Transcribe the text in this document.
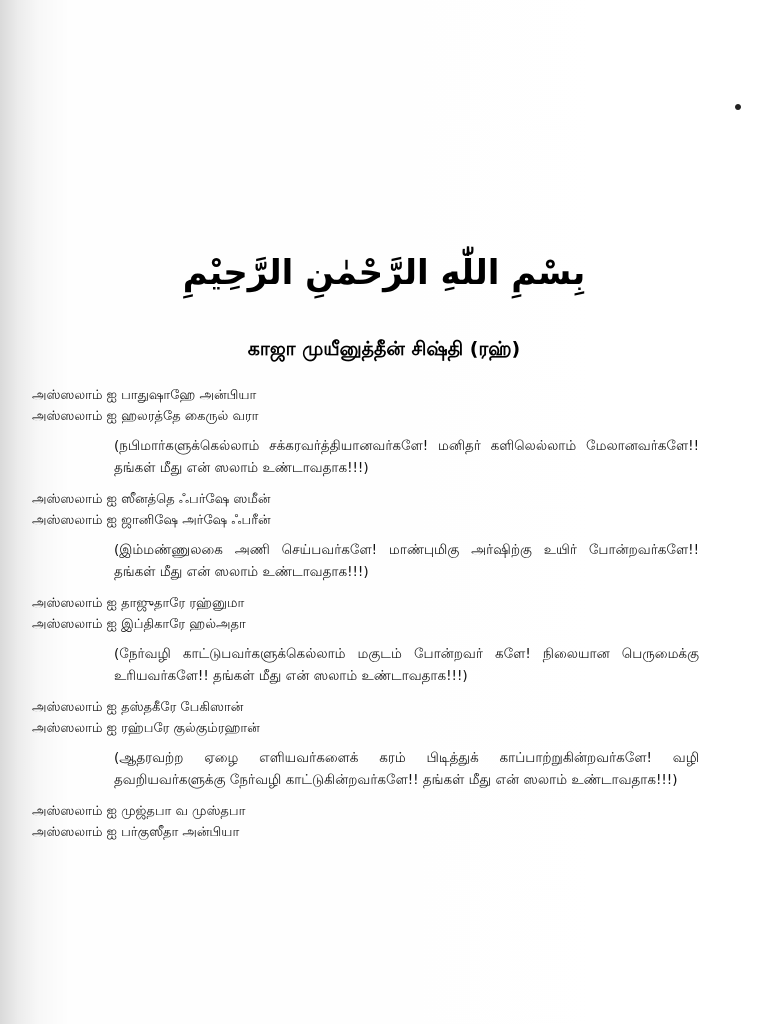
بِسْمِ اللّٰهِ الرَّحْمٰنِ الرَّحِيْمِ
காஜா முயீனுத்தீன் சிஷ்தி (ரஹ்)

அஸ்ஸலாம் ஐ பாதுஷாஹே அன்பியா

அஸ்ஸலாம் ஐ ஹலரத்தே கைருல் வரா

(நபிமார்களுக்கெல்லாம் சக்கரவர்த்தியானவர்களே! மனிதர் களிலெல்லாம் மேலானவர்களே!! தங்கள் மீது என் ஸலாம் உண்டாவதாக!!!)

அஸ்ஸலாம் ஐ ஸீனத்தெ ஃபர்ஷே ஸமீன்

அஸ்ஸலாம் ஐ ஜானிஷே அர்ஷே ஃபரீன்

(இம்மண்ணுலகை அணி செய்பவர்களே! மாண்புமிகு அர்ஷிற்கு உயிர் போன்றவர்களே!! தங்கள் மீது என் ஸலாம் உண்டாவதாக!!!)

அஸ்ஸலாம் ஐ தாஜுதாரே ரஹ்னுமா

அஸ்ஸலாம் ஐ இப்திகாரே ஹல்அதா

(நேர்வழி காட்டுபவர்களுக்கெல்லாம் மகுடம் போன்றவர் களே! நிலையான பெருமைக்கு உரியவர்களே!! தங்கள் மீது என் ஸலாம் உண்டாவதாக!!!)

அஸ்ஸலாம் ஐ தஸ்தகீரே பேகிஸான்

அஸ்ஸலாம் ஐ ரஹ்பரே குல்கும்ரஹான்

(ஆதரவற்ற ஏழை எளியவர்களைக் கரம் பிடித்துக் காப்பாற்றுகின்றவர்களே! வழி தவறியவர்களுக்கு நேர்வழி காட்டுகின்றவர்களே!! தங்கள் மீது என் ஸலாம் உண்டாவதாக!!!)

அஸ்ஸலாம் ஐ முஜ்தபா வ முஸ்தபா

அஸ்ஸலாம் ஐ பர்குஸீதா அன்பியா
